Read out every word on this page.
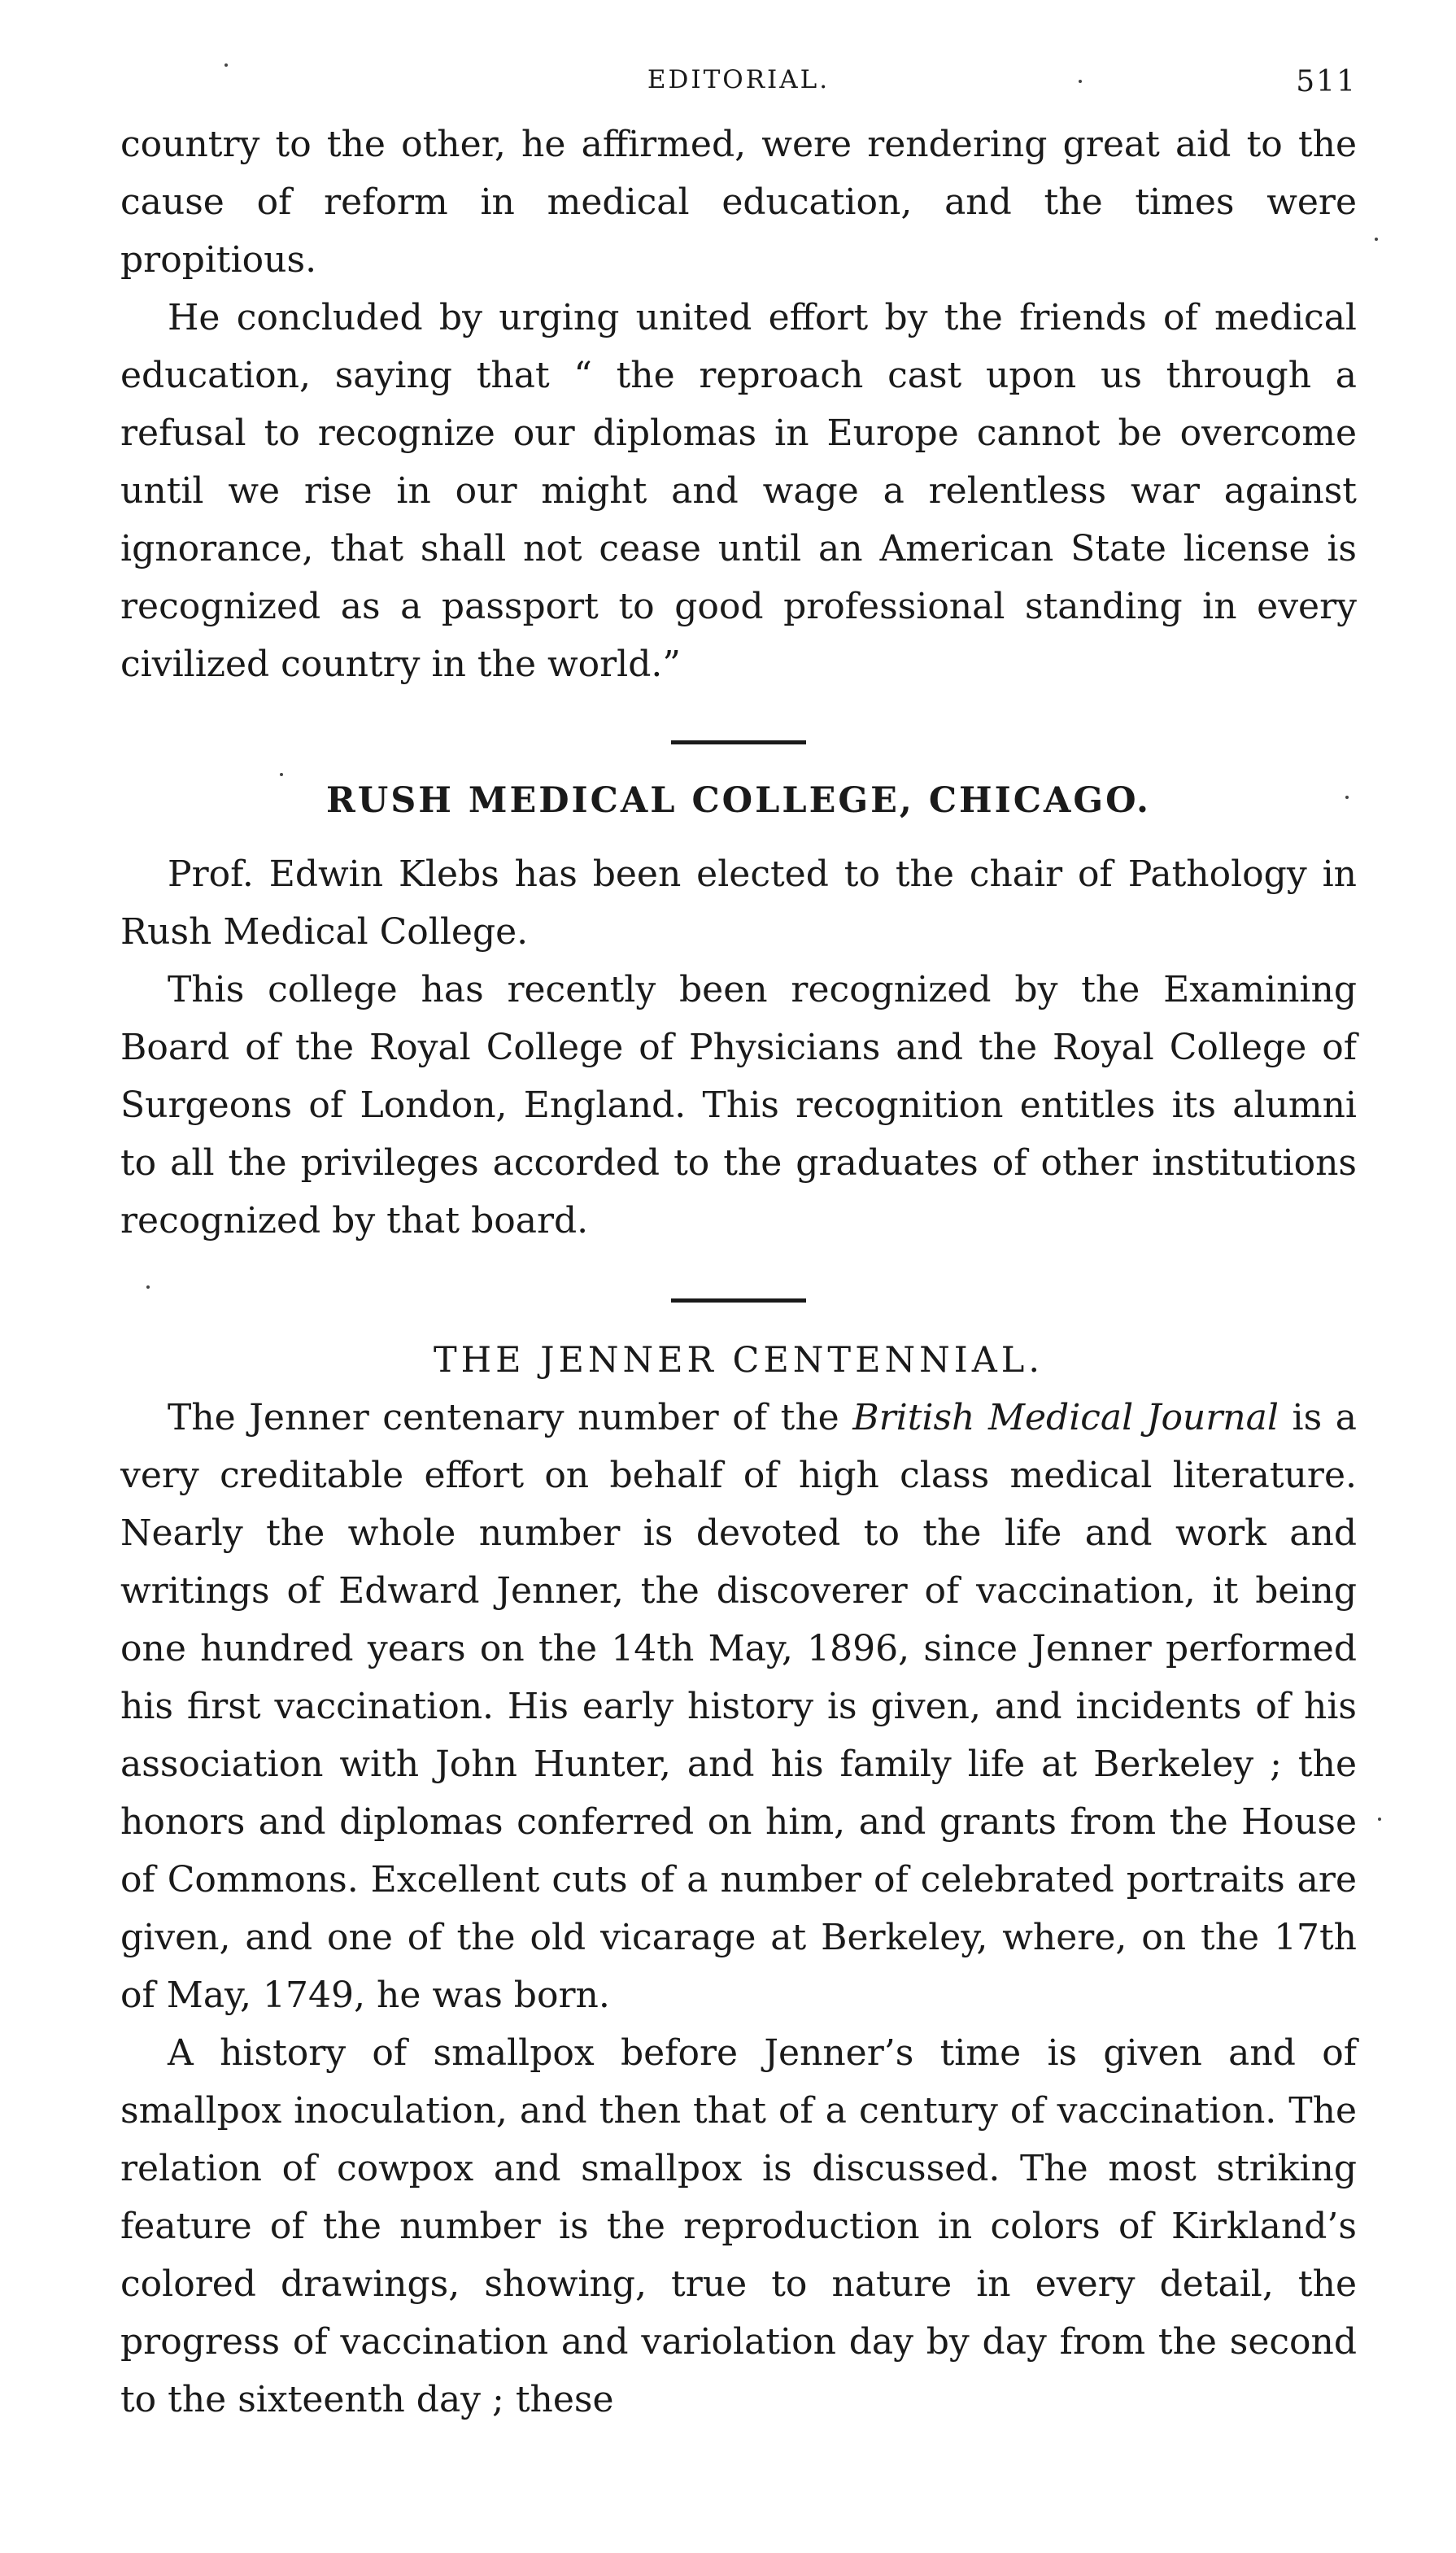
EDITORIAL.	511

country to the other, he affirmed, were rendering great aid to the cause of reform in medical education, and the times were propitious.

He concluded by urging united effort by the friends of medical education, saying that “ the reproach cast upon us through a refusal to recognize our diplomas in Europe cannot be overcome until we rise in our might and wage a relentless war against ignorance, that shall not cease until an American State license is recognized as a passport to good professional standing in every civilized country in the world.”

RUSH MEDICAL COLLEGE, CHICAGO.

Prof. Edwin Klebs has been elected to the chair of Pathology in Rush Medical College.

This college has recently been recognized by the Examining Board of the Royal College of Physicians and the Royal College of Surgeons of London, England. This recognition entitles its alumni to all the privileges accorded to the graduates of other institutions recognized by that board.

THE JENNER CENTENNIAL.

The Jenner centenary number of the British Medical Journal is a very creditable effort on behalf of high class medical literature. Nearly the whole number is devoted to the life and work and writings of Edward Jenner, the discoverer of vaccination, it being one hundred years on the 14th May, 1896, since Jenner performed his first vaccination. His early history is given, and incidents of his association with John Hunter, and his family life at Berkeley ; the honors and diplomas conferred on him, and grants from the House of Commons. Excellent cuts of a number of celebrated portraits are given, and one of the old vicarage at Berkeley, where, on the 17th of May, 1749, he was born.

A history of smallpox before Jenner’s time is given and of smallpox inoculation, and then that of a century of vaccination. The relation of cowpox and smallpox is discussed. The most striking feature of the number is the reproduction in colors of Kirkland’s colored drawings, showing, true to nature in every detail, the progress of vaccination and variolation day by day from the second to the sixteenth day ; these
